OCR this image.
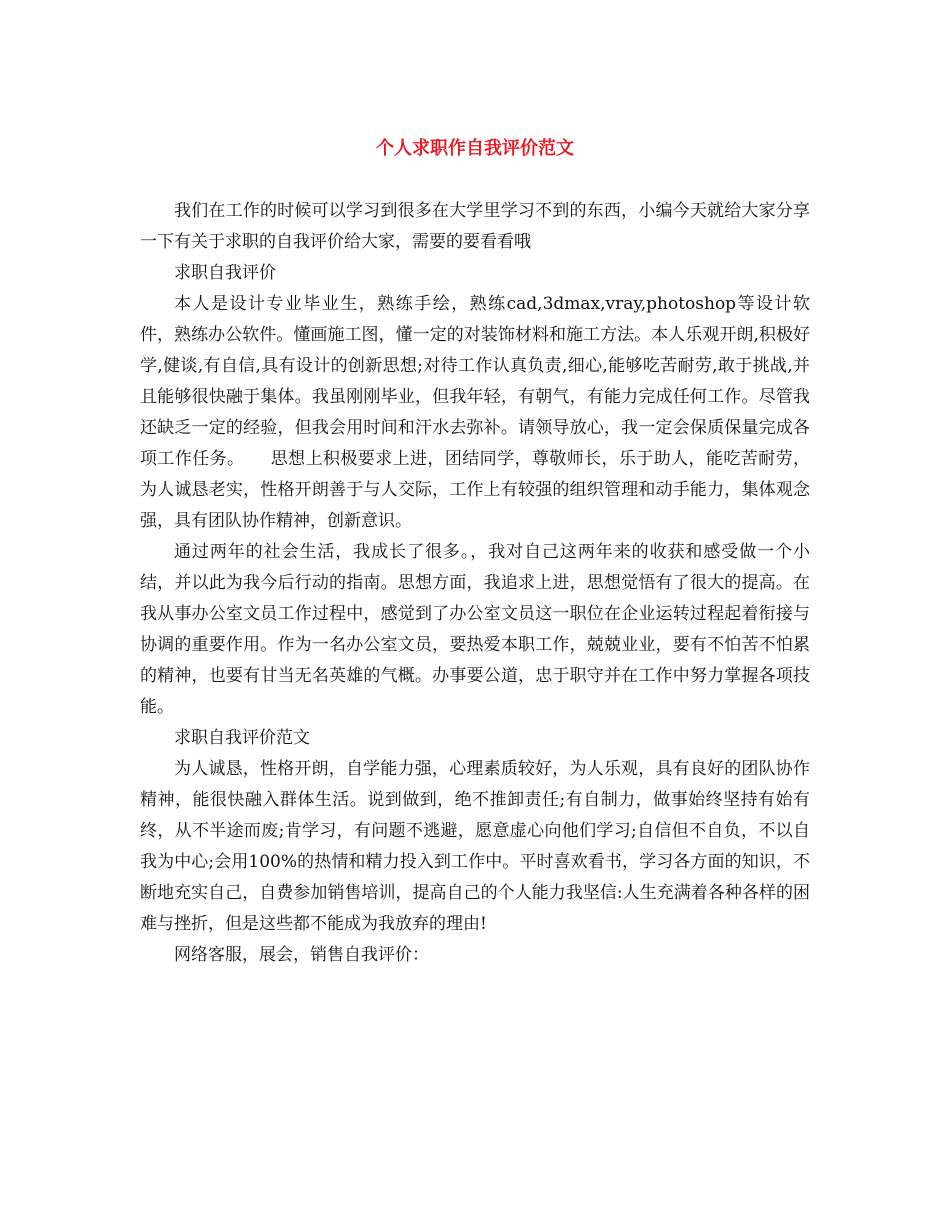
个人求职作自我评价范文

我们在工作的时候可以学习到很多在大学里学习不到的东西，小编今天就给大家分享一下有关于求职的自我评价给大家，需要的要看看哦

求职自我评价

本人是设计专业毕业生，熟练手绘，熟练cad,3dmax,vray,photoshop等设计软件，熟练办公软件。懂画施工图，懂一定的对装饰材料和施工方法。本人乐观开朗,积极好学,健谈,有自信,具有设计的创新思想;对待工作认真负责,细心,能够吃苦耐劳,敢于挑战,并且能够很快融于集体。我虽刚刚毕业，但我年轻，有朝气，有能力完成任何工作。尽管我还缺乏一定的经验，但我会用时间和汗水去弥补。请领导放心，我一定会保质保量完成各项工作任务。　　思想上积极要求上进，团结同学，尊敬师长，乐于助人，能吃苦耐劳，为人诚恳老实，性格开朗善于与人交际，工作上有较强的组织管理和动手能力，集体观念强，具有团队协作精神，创新意识。

通过两年的社会生活，我成长了很多。，我对自己这两年来的收获和感受做一个小结，并以此为我今后行动的指南。思想方面，我追求上进，思想觉悟有了很大的提高。在我从事办公室文员工作过程中，感觉到了办公室文员这一职位在企业运转过程起着衔接与协调的重要作用。作为一名办公室文员，要热爱本职工作，兢兢业业，要有不怕苦不怕累的精神，也要有甘当无名英雄的气概。办事要公道，忠于职守并在工作中努力掌握各项技能。

求职自我评价范文

为人诚恳，性格开朗，自学能力强，心理素质较好，为人乐观，具有良好的团队协作精神，能很快融入群体生活。说到做到，绝不推卸责任;有自制力，做事始终坚持有始有终，从不半途而废;肯学习，有问题不逃避，愿意虚心向他们学习;自信但不自负，不以自我为中心;会用100%的热情和精力投入到工作中。平时喜欢看书，学习各方面的知识，不断地充实自己，自费参加销售培训，提高自己的个人能力我坚信:人生充满着各种各样的困难与挫折，但是这些都不能成为我放弃的理由!

网络客服，展会，销售自我评价：
